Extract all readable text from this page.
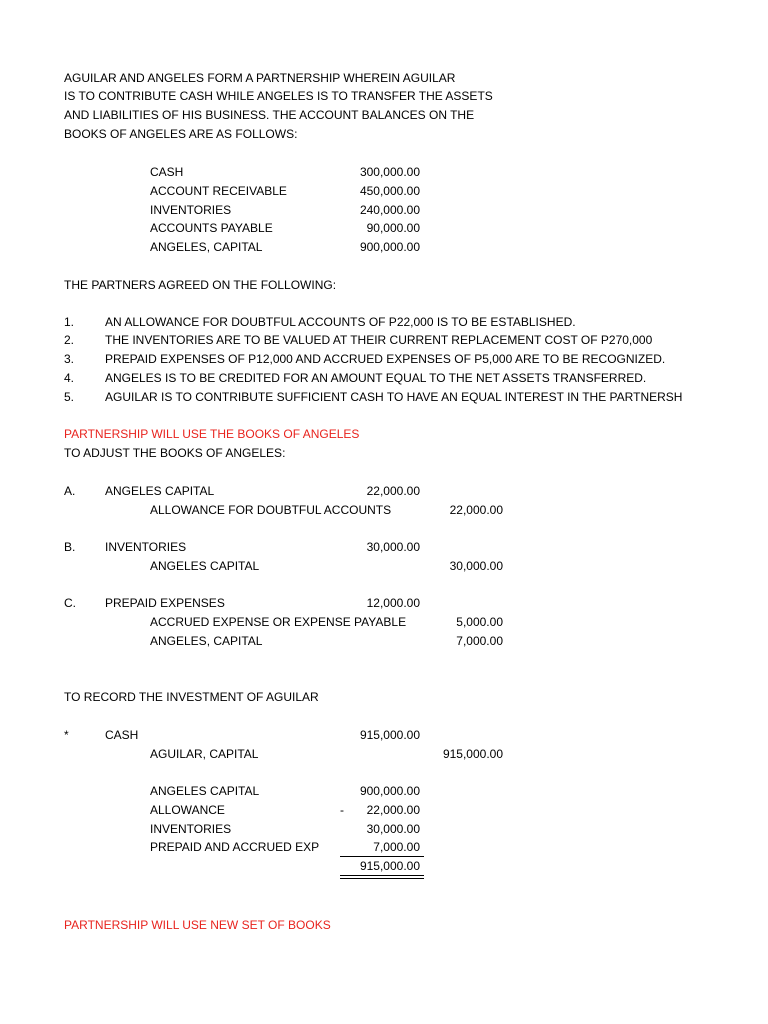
AGUILAR AND ANGELES FORM A PARTNERSHIP WHEREIN AGUILAR
IS TO CONTRIBUTE CASH WHILE ANGELES IS TO TRANSFER THE ASSETS
AND LIABILITIES OF HIS BUSINESS. THE ACCOUNT BALANCES ON THE
BOOKS OF ANGELES ARE AS FOLLOWS:
CASH	300,000.00
ACCOUNT RECEIVABLE	450,000.00
INVENTORIES	240,000.00
ACCOUNTS PAYABLE	90,000.00
ANGELES, CAPITAL	900,000.00
THE PARTNERS AGREED ON THE FOLLOWING:
1.	AN ALLOWANCE FOR DOUBTFUL ACCOUNTS OF P22,000 IS TO BE ESTABLISHED.
2.	THE INVENTORIES ARE TO BE VALUED AT THEIR CURRENT REPLACEMENT COST OF P270,000
3.	PREPAID EXPENSES OF P12,000 AND ACCRUED EXPENSES OF P5,000 ARE TO BE RECOGNIZED.
4.	ANGELES IS TO BE CREDITED FOR AN AMOUNT EQUAL TO THE NET ASSETS TRANSFERRED.
5.	AGUILAR IS TO CONTRIBUTE SUFFICIENT CASH TO HAVE AN EQUAL INTEREST IN THE PARTNERSH
PARTNERSHIP WILL USE THE BOOKS OF ANGELES
TO ADJUST THE BOOKS OF ANGELES:
A. ANGELES CAPITAL	22,000.00
ALLOWANCE FOR DOUBTFUL ACCOUNTS	22,000.00
B. INVENTORIES	30,000.00
ANGELES CAPITAL	30,000.00
C. PREPAID EXPENSES	12,000.00
ACCRUED EXPENSE OR EXPENSE PAYABLE	5,000.00
ANGELES, CAPITAL	7,000.00
TO RECORD THE INVESTMENT OF AGUILAR
*	CASH	915,000.00
AGUILAR, CAPITAL	915,000.00
ANGELES CAPITAL	900,000.00
ALLOWANCE	-	22,000.00
INVENTORIES	30,000.00
PREPAID AND ACCRUED EXP	7,000.00
915,000.00
PARTNERSHIP WILL USE NEW SET OF BOOKS
